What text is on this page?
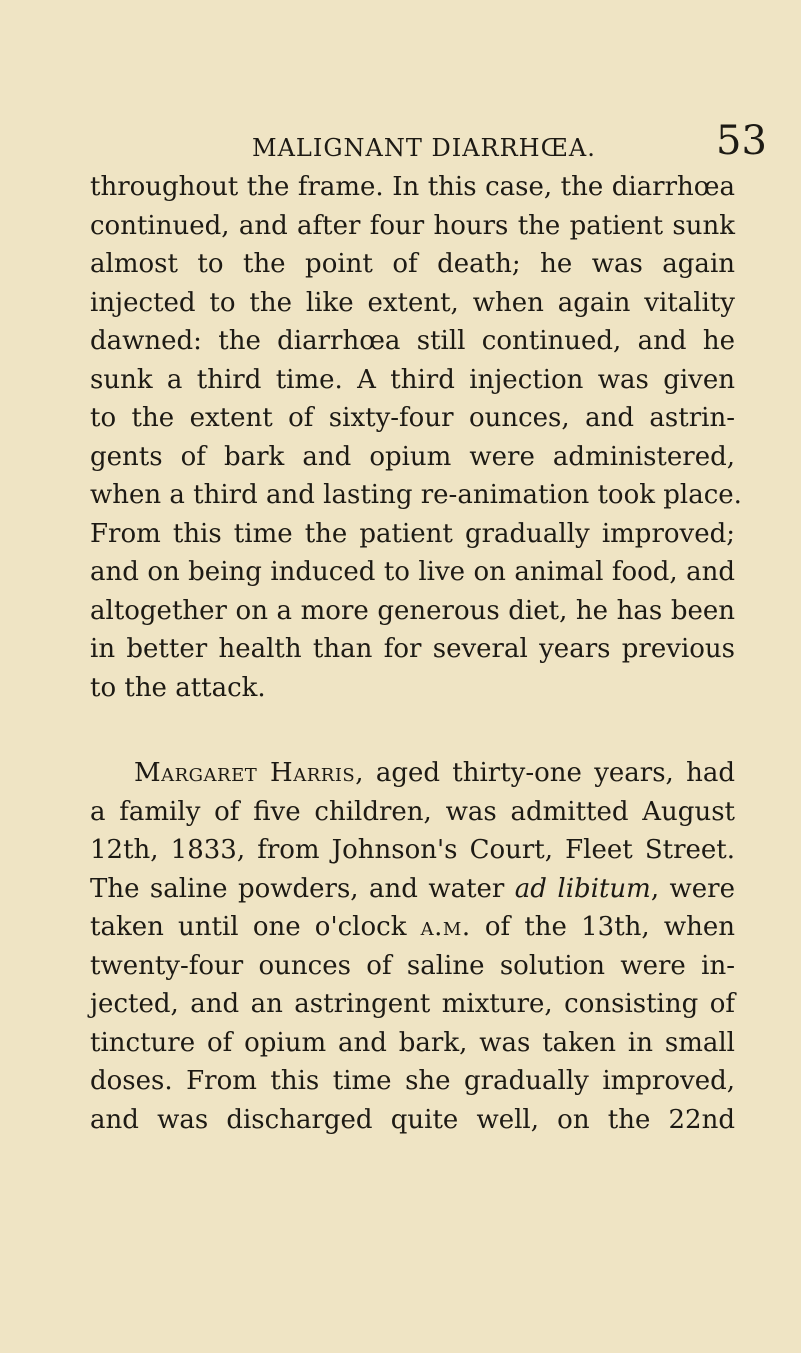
MALIGNANT DIARRHŒA.	53
throughout the frame. In this case, the diarrhœa
continued, and after four hours the patient sunk
almost to the point of death; he was again
injected to the like extent, when again vitality
dawned: the diarrhœa still continued, and he
sunk a third time. A third injection was given
to the extent of sixty-four ounces, and astrin-
gents of bark and opium were administered,
when a third and lasting re-animation took place.
From this time the patient gradually improved;
and on being induced to live on animal food, and
altogether on a more generous diet, he has been
in better health than for several years previous
to the attack.
Margaret Harris, aged thirty-one years, had
a family of five children, was admitted August
12th, 1833, from Johnson's Court, Fleet Street.
The saline powders, and water ad libitum, were
taken until one o'clock a.m. of the 13th, when
twenty-four ounces of saline solution were in-
jected, and an astringent mixture, consisting of
tincture of opium and bark, was taken in small
doses. From this time she gradually improved,
and was discharged quite well, on the 22nd
